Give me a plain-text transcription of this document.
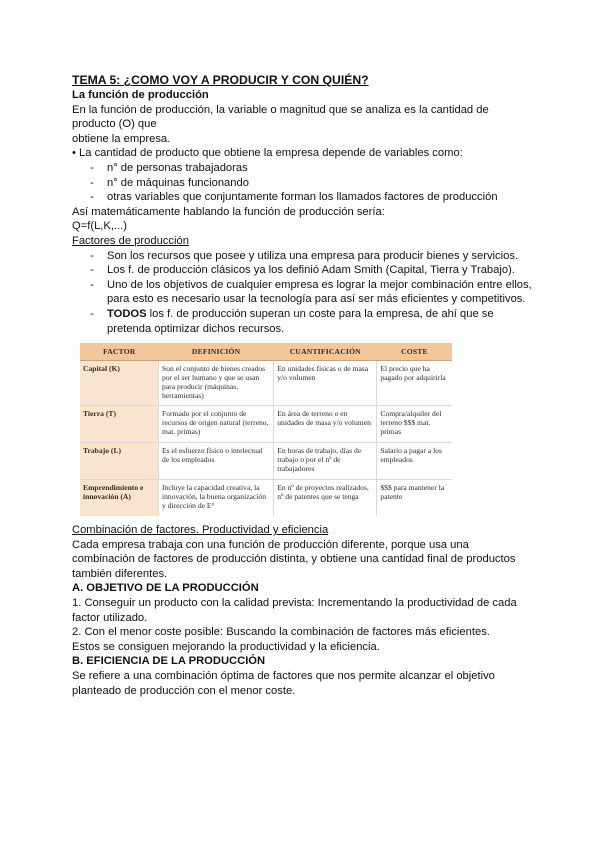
TEMA 5: ¿COMO VOY A PRODUCIR Y CON QUIÉN?

La función de producción

En la función de producción, la variable o magnitud que se analiza es la cantidad de producto (O) que

obtiene la empresa.

• La cantidad de producto que obtiene la empresa depende de variables como:

- n° de personas trabajadoras
- n° de máquinas funcionando
- otras variables que conjuntamente forman los llamados factores de producción

Así matemáticamente hablando la función de producción sería:

Q=f(L,K,...)

Factores de producción

- Son los recursos que posee y utiliza una empresa para producir bienes y servicios.
- Los f. de producción clásicos ya los definió Adam Smith (Capital, Tierra y Trabajo).
- Uno de los objetivos de cualquier empresa es lograr la mejor combinación entre ellos, para esto es necesario usar la tecnología para así ser más eficientes y competitivos.
- TODOS los f. de producción superan un coste para la empresa, de ahí que se pretenda optimizar dichos recursos.
FACTOR	DEFINICIÓN	CUANTIFICACIÓN	COSTE
Capital (K)	Son el conjunto de bienes creados por el ser humano y que se usan para producir (máquinas, herramientas)	En unidades físicas o de masa y/o volumen	El precio que ha pagado por adquirirla
Tierra (T)	Formado por el conjunto de recursos de origen natural (terreno, mat. primas)	En área de terreno o en unidades de masa y/o volumen	Compra/alquiler del terreno $$$ mat. primas
Trabajo (L)	Es el esfuerzo físico o intelectual de los empleados	En horas de trabajo, días de trabajo o por el nº de trabajadores	Salario a pagar a los empleados
Emprendimiento e innovación (A)	Incluye la capacidad creativa, la innovación, la buena organización y dirección de E°	En nº de proyectos realizados, nº de patentes que se tenga	$$$ para mantener la patente

Combinación de factores. Productividad y eficiencia

Cada empresa trabaja con una función de producción diferente, porque usa una combinación de factores de producción distinta, y obtiene una cantidad final de productos también diferentes.

A. OBJETIVO DE LA PRODUCCIÓN

1. Conseguir un producto con la calidad prevista: Incrementando la productividad de cada factor utilizado.

2. Con el menor coste posible: Buscando la combinación de factores más eficientes.

Estos se consiguen mejorando la productividad y la eficiencia.

B. EFICIENCIA DE LA PRODUCCIÓN

Se refiere a una combinación óptima de factores que nos permite alcanzar el objetivo planteado de producción con el menor coste.
